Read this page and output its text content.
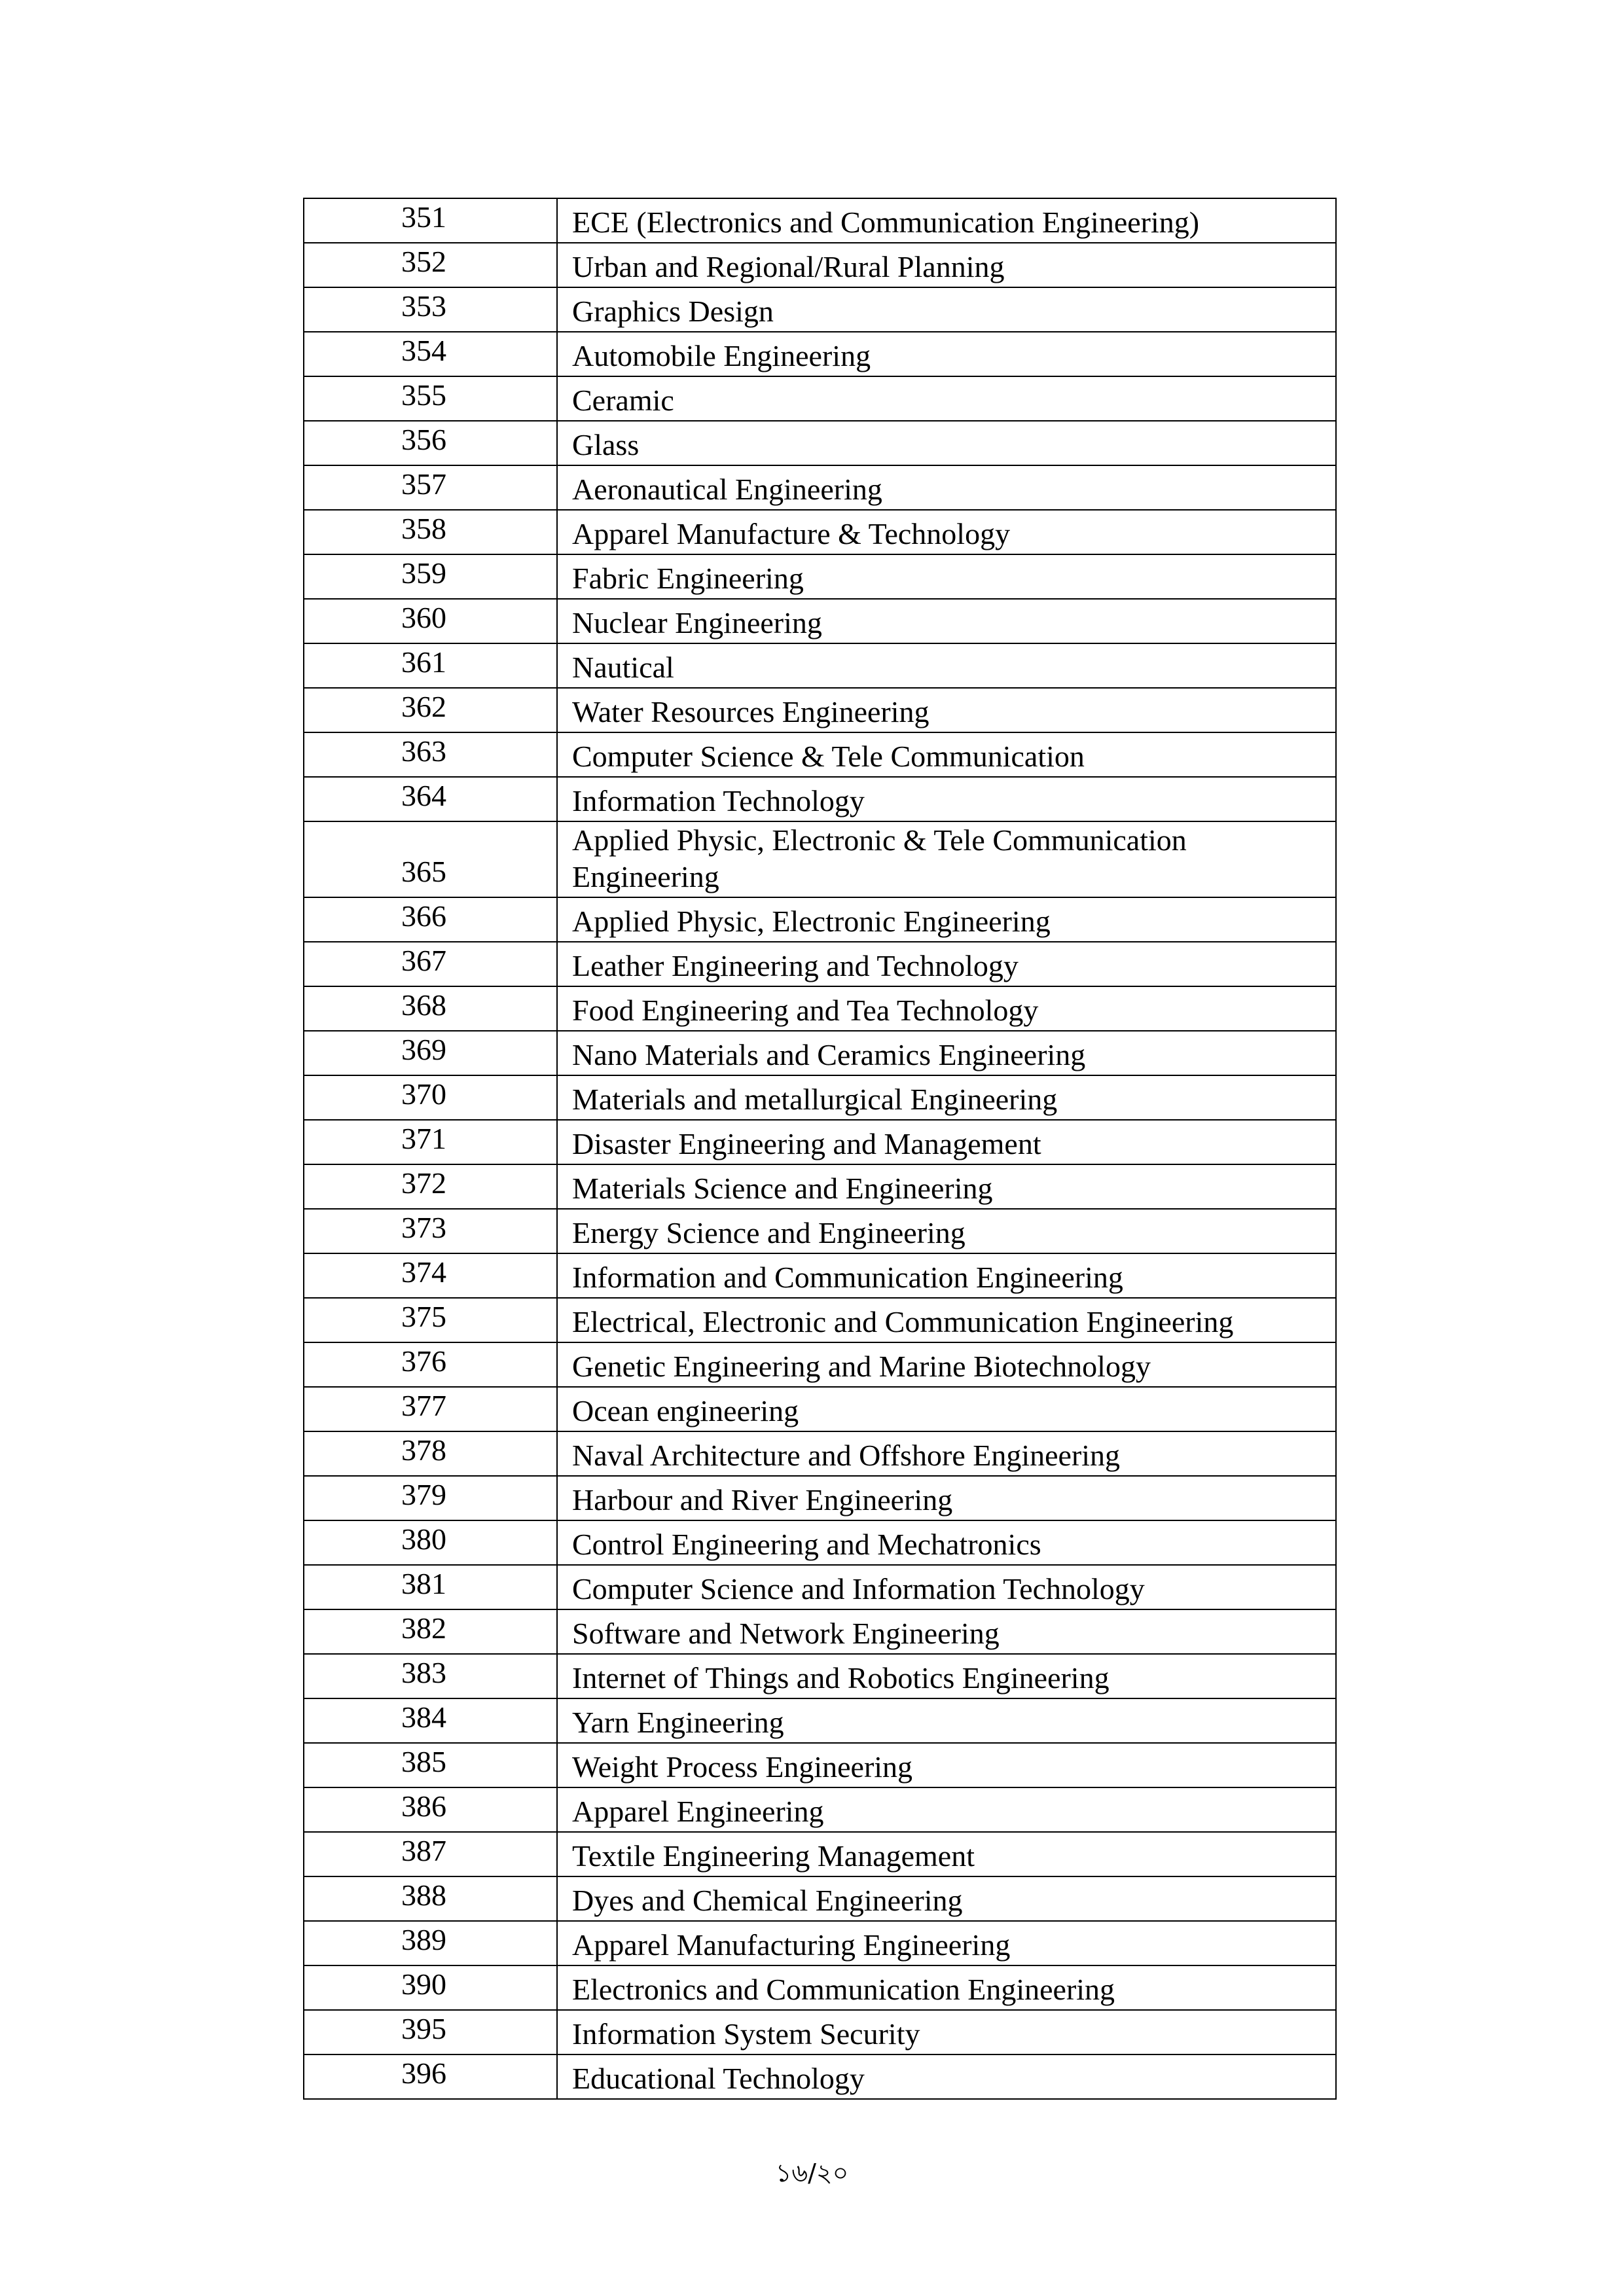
351	ECE (Electronics and Communication Engineering)
352	Urban and Regional/Rural Planning
353	Graphics Design
354	Automobile Engineering
355	Ceramic
356	Glass
357	Aeronautical Engineering
358	Apparel Manufacture & Technology
359	Fabric Engineering
360	Nuclear Engineering
361	Nautical
362	Water Resources Engineering
363	Computer Science & Tele Communication
364	Information Technology
365	Applied Physic, Electronic & Tele Communication Engineering
366	Applied Physic, Electronic Engineering
367	Leather Engineering and Technology
368	Food Engineering and Tea Technology
369	Nano Materials and Ceramics Engineering
370	Materials and metallurgical Engineering
371	Disaster Engineering and Management
372	Materials Science and Engineering
373	Energy Science and Engineering
374	Information and Communication Engineering
375	Electrical, Electronic and Communication Engineering
376	Genetic Engineering and Marine Biotechnology
377	Ocean engineering
378	Naval Architecture and Offshore Engineering
379	Harbour and River Engineering
380	Control Engineering and Mechatronics
381	Computer Science and Information Technology
382	Software and Network Engineering
383	Internet of Things and Robotics Engineering
384	Yarn Engineering
385	Weight Process Engineering
386	Apparel Engineering
387	Textile Engineering Management
388	Dyes and Chemical Engineering
389	Apparel Manufacturing Engineering
390	Electronics and Communication Engineering
395	Information System Security
396	Educational Technology
১৬/২০
